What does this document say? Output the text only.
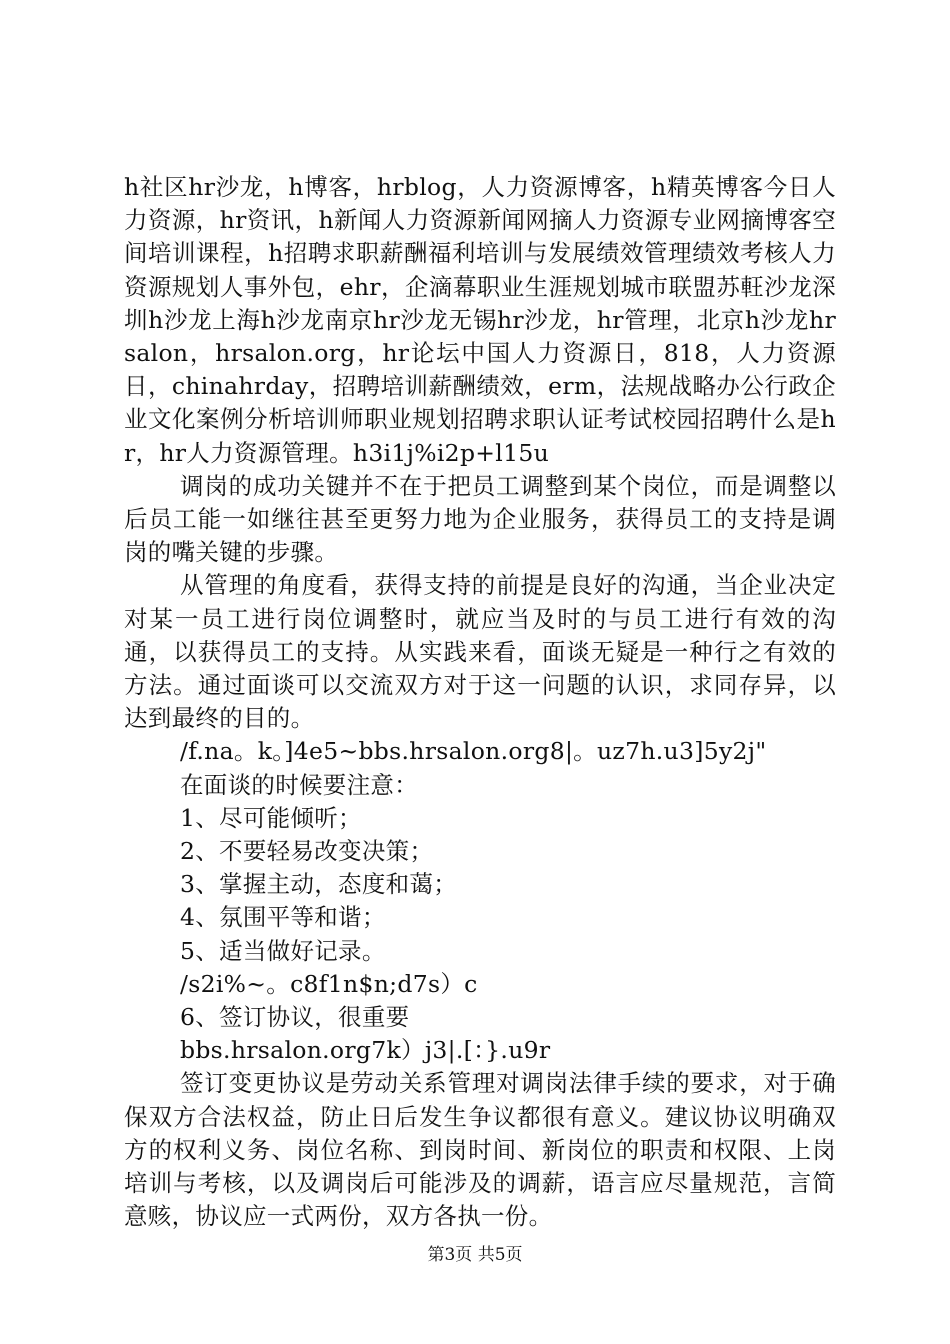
h社区hr沙龙，h博客，hrblog，人力资源博客，h精英博客今日人力资源，hr资讯，h新闻人力资源新闻网摘人力资源专业网摘博客空间培训课程，h招聘求职薪酬福利培训与发展绩效管理绩效考核人力资源规划人事外包，ehr，企滴幕职业生涯规划城市联盟苏軖沙龙深圳h沙龙上海h沙龙南京hr沙龙无锡hr沙龙，hr管理，北京h沙龙hrsalon，hrsalon.org，hr论坛中国人力资源日，818，人力资源日，chinahrday，招聘培训薪酬绩效，erm，法规战略办公行政企业文化案例分析培训师职业规划招聘求职认证考试校园招聘什么是hr，hr人力资源管理。h3i1j%i2p+l15u

调岗的成功关键并不在于把员工调整到某个岗位，而是调整以后员工能一如继往甚至更努力地为企业服务，获得员工的支持是调岗的嘴关键的步骤。

从管理的角度看，获得支持的前提是良好的沟通，当企业决定对某一员工进行岗位调整时，就应当及时的与员工进行有效的沟通，以获得员工的支持。从实践来看，面谈无疑是一种行之有效的方法。通过面谈可以交流双方对于这一问题的认识，求同存异，以达到最终的目的。

/f.na。k。]4e5~bbs.hrsalon.org8|。uz7h.u3]5y2j"

在面谈的时候要注意：

1、尽可能倾听；

2、不要轻易改变决策；

3、掌握主动，态度和蔼；

4、氛围平等和谐；

5、适当做好记录。

/s2i%~。c8f1n$n;d7s）c

6、签订协议，很重要

bbs.hrsalon.org7k）j3|.[：}.u9r

签订变更协议是劳动关系管理对调岗法律手续的要求，对于确保双方合法权益，防止日后发生争议都很有意义。建议协议明确双方的权利义务、岗位名称、到岗时间、新岗位的职责和权限、上岗培训与考核，以及调岗后可能涉及的调薪，语言应尽量规范，言简意赅，协议应一式两份，双方各执一份。

第3页 共5页
